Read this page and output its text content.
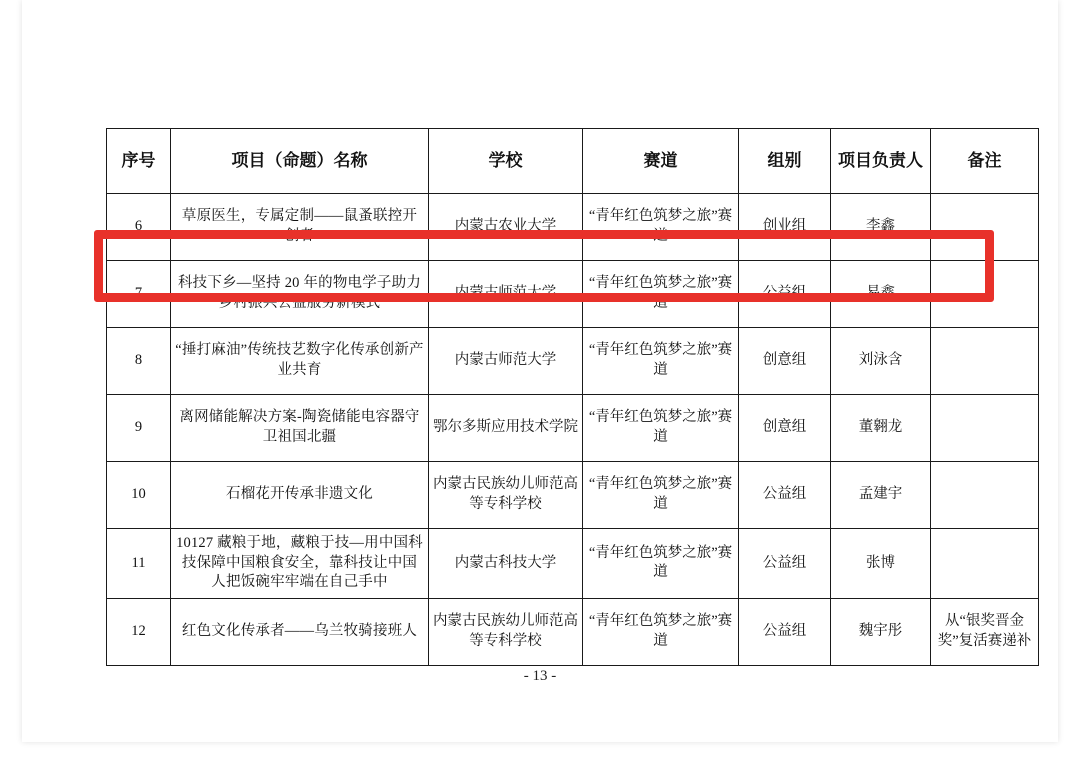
序号	项目（命题）名称	学校	赛道	组别	项目负责人	备注
6	草原医生，专属定制——鼠蚤联控开创者	内蒙古农业大学	“青年红色筑梦之旅”赛道	创业组	李鑫	
7	科技下乡—坚持 20 年的物电学子助力乡村振兴公益服务新模式	内蒙古师范大学	“青年红色筑梦之旅”赛道	公益组	易鑫	
8	“捶打麻油”传统技艺数字化传承创新产业共育	内蒙古师范大学	“青年红色筑梦之旅”赛道	创意组	刘泳含	
9	离网储能解决方案-陶瓷储能电容器守卫祖国北疆	鄂尔多斯应用技术学院	“青年红色筑梦之旅”赛道	创意组	董翱龙	
10	石榴花开传承非遗文化	内蒙古民族幼儿师范高等专科学校	“青年红色筑梦之旅”赛道	公益组	孟建宇	
11	10127 藏粮于地，藏粮于技—用中国科技保障中国粮食安全，靠科技让中国人把饭碗牢牢端在自己手中	内蒙古科技大学	“青年红色筑梦之旅”赛道	公益组	张博	
12	红色文化传承者——乌兰牧骑接班人	内蒙古民族幼儿师范高等专科学校	“青年红色筑梦之旅”赛道	公益组	魏宇彤	从“银奖晋金奖”复活赛递补
- 13 -
